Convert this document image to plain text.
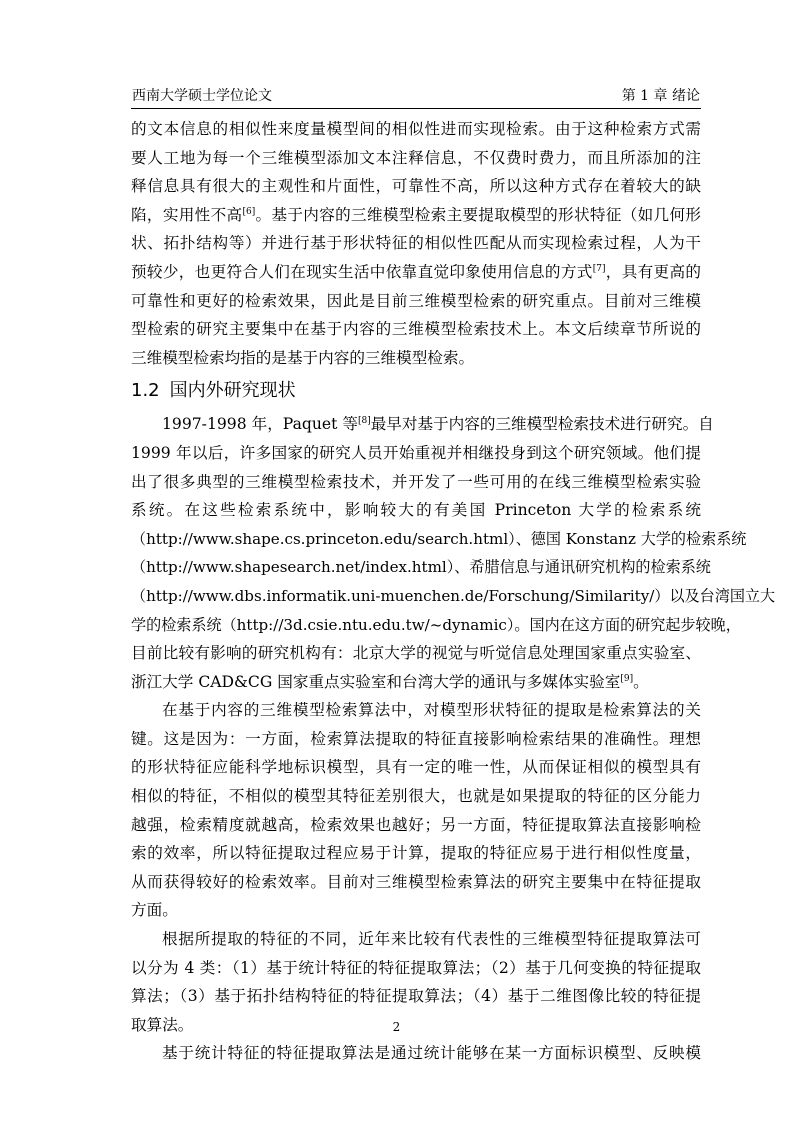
西南大学硕士学位论文	第 1 章 绪论
的文本信息的相似性来度量模型间的相似性进而实现检索。由于这种检索方式需
要人工地为每一个三维模型添加文本注释信息，不仅费时费力，而且所添加的注
释信息具有很大的主观性和片面性，可靠性不高，所以这种方式存在着较大的缺
陷，实用性不高[6]。基于内容的三维模型检索主要提取模型的形状特征（如几何形
状、拓扑结构等）并进行基于形状特征的相似性匹配从而实现检索过程，人为干
预较少，也更符合人们在现实生活中依靠直觉印象使用信息的方式[7]，具有更高的
可靠性和更好的检索效果，因此是目前三维模型检索的研究重点。目前对三维模
型检索的研究主要集中在基于内容的三维模型检索技术上。本文后续章节所说的
三维模型检索均指的是基于内容的三维模型检索。
1.2 国内外研究现状
1997-1998 年，Paquet 等[8]最早对基于内容的三维模型检索技术进行研究。自
1999 年以后，许多国家的研究人员开始重视并相继投身到这个研究领域。他们提
出了很多典型的三维模型检索技术，并开发了一些可用的在线三维模型检索实验
系统。在这些检索系统中，影响较大的有美国 Princeton 大学的检索系统
（http://www.shape.cs.princeton.edu/search.html）、德国 Konstanz 大学的检索系统
（http://www.shapesearch.net/index.html）、希腊信息与通讯研究机构的检索系统
（http://www.dbs.informatik.uni-muenchen.de/Forschung/Similarity/）以及台湾国立大
学的检索系统（http://3d.csie.ntu.edu.tw/~dynamic）。国内在这方面的研究起步较晚，
目前比较有影响的研究机构有：北京大学的视觉与听觉信息处理国家重点实验室、
浙江大学 CAD&CG 国家重点实验室和台湾大学的通讯与多媒体实验室[9]。
在基于内容的三维模型检索算法中，对模型形状特征的提取是检索算法的关
键。这是因为：一方面，检索算法提取的特征直接影响检索结果的准确性。理想
的形状特征应能科学地标识模型，具有一定的唯一性，从而保证相似的模型具有
相似的特征，不相似的模型其特征差别很大，也就是如果提取的特征的区分能力
越强，检索精度就越高，检索效果也越好；另一方面，特征提取算法直接影响检
索的效率，所以特征提取过程应易于计算，提取的特征应易于进行相似性度量，
从而获得较好的检索效率。目前对三维模型检索算法的研究主要集中在特征提取
方面。
根据所提取的特征的不同，近年来比较有代表性的三维模型特征提取算法可
以分为 4 类：（1）基于统计特征的特征提取算法；（2）基于几何变换的特征提取
算法；（3）基于拓扑结构特征的特征提取算法；（4）基于二维图像比较的特征提
取算法。
基于统计特征的特征提取算法是通过统计能够在某一方面标识模型、反映模
2
